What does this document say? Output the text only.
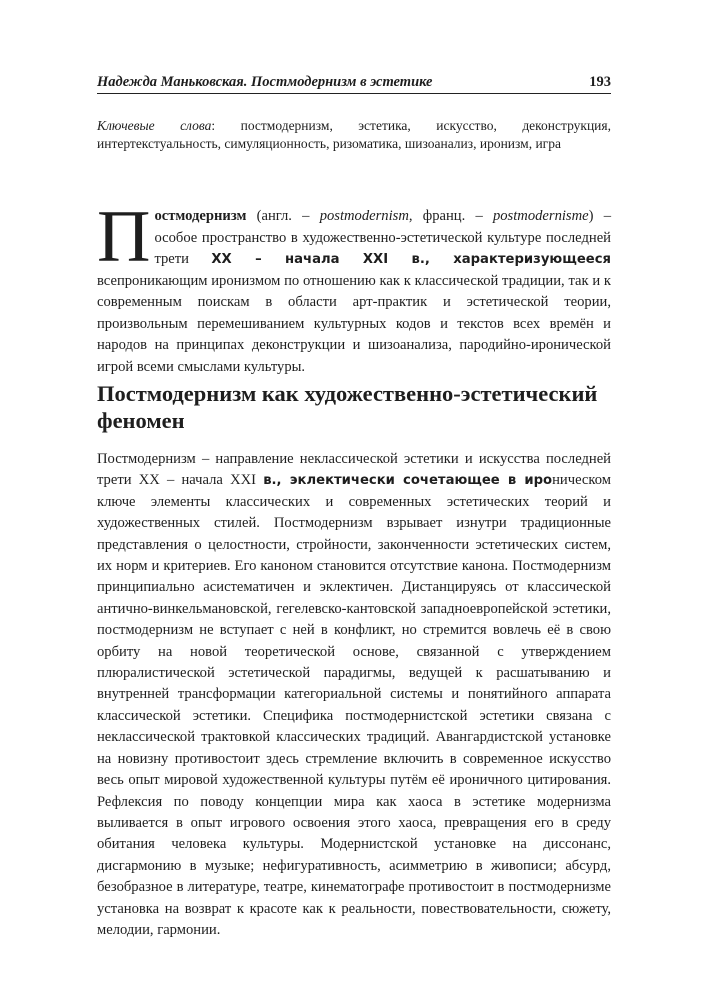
Надежда Маньковская. Постмодернизм в эстетике	193
Ключевые слова: постмодернизм, эстетика, искусство, деконструкция, интертекстуальность, симуляционность, ризоматика, шизоанализ, иронизм, игра

Постмодернизм (англ. – postmodernism, франц. – postmodernisme) – особое пространство в художественно-эстетической культуре последней трети XX – начала XXI в., характеризующееся всепроникающим иронизмом по отношению как к классической традиции, так и к современным поискам в области арт-практик и эстетической теории, произвольным перемешиванием культурных кодов и текстов всех времён и народов на принципах деконструкции и шизоанализа, пародийно-иронической игрой всеми смыслами культуры.

Постмодернизм как художественно-эстетический феномен

Постмодернизм – направление неклассической эстетики и искусства последней трети XX – начала XXI в., эклектически сочетающее в ироническом ключе элементы классических и современных эстетических теорий и художественных стилей. Постмодернизм взрывает изнутри традиционные представления о целостности, стройности, законченности эстетических систем, их норм и критериев. Его каноном становится отсутствие канона. Постмодернизм принципиально асистематичен и эклектичен. Дистанцируясь от классической антично-винкельмановской, гегелевско-кантовской западноевропейской эстетики, постмодернизм не вступает с ней в конфликт, но стремится вовлечь её в свою орбиту на новой теоретической основе, связанной с утверждением плюралистической эстетической парадигмы, ведущей к расшатыванию и внутренней трансформации категориальной системы и понятийного аппарата классической эстетики. Специфика постмодернистской эстетики связана с неклассической трактовкой классических традиций. Авангардистской установке на новизну противостоит здесь стремление включить в современное искусство весь опыт мировой художественной культуры путём её ироничного цитирования. Рефлексия по поводу концепции мира как хаоса в эстетике модернизма выливается в опыт игрового освоения этого хаоса, превращения его в среду обитания человека культуры. Модернистской установке на диссонанс, дисгармонию в музыке; нефигуративность, асимметрию в живописи; абсурд, безобразное в литературе, театре, кинематографе противостоит в постмодернизме установка на возврат к красоте как к реальности, повествовательности, сюжету, мелодии, гармонии.
